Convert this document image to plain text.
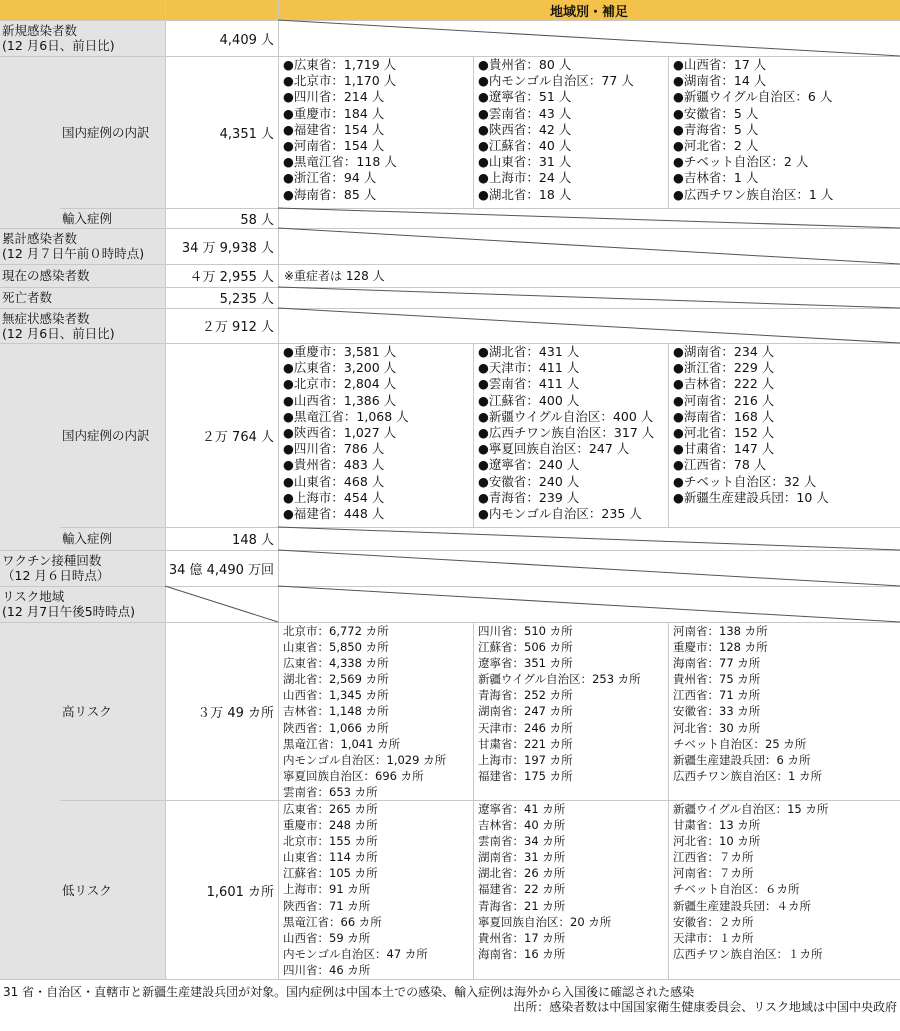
地域別・補足
新規感染者数
(12 月6日、前日比)
国内症例の内訳
輸入症例
累計感染者数
(12 月７日午前０時時点)
現在の感染者数
死亡者数
無症状感染者数
(12 月6日、前日比)
国内症例の内訳
輸入症例
ワクチン接種回数
（12 月６日時点）
リスク地域
(12 月7日午後5時時点)
高リスク
低リスク
4,409 人
4,351 人
58 人
34 万 9,938 人
４万 2,955 人
5,235 人
２万 912 人
２万 764 人
148 人
34 億 4,490 万回
３万 49 カ所
1,601 カ所
※重症者は 128 人
●広東省：1,719 人
●北京市：1,170 人
●四川省：214 人
●重慶市：184 人
●福建省：154 人
●河南省：154 人
●黒竜江省：118 人
●浙江省：94 人
●海南省：85 人
●貴州省：80 人
●内モンゴル自治区：77 人
●遼寧省：51 人
●雲南省：43 人
●陝西省：42 人
●江蘇省：40 人
●山東省：31 人
●上海市：24 人
●湖北省：18 人
●山西省：17 人
●湖南省：14 人
●新疆ウイグル自治区：6 人
●安徽省：5 人
●青海省：5 人
●河北省：2 人
●チベット自治区：2 人
●吉林省：1 人
●広西チワン族自治区：1 人
●重慶市：3,581 人
●広東省：3,200 人
●北京市：2,804 人
●山西省：1,386 人
●黒竜江省：1,068 人
●陝西省：1,027 人
●四川省：786 人
●貴州省：483 人
●山東省：468 人
●上海市：454 人
●福建省：448 人
●湖北省：431 人
●天津市：411 人
●雲南省：411 人
●江蘇省：400 人
●新疆ウイグル自治区：400 人
●広西チワン族自治区：317 人
●寧夏回族自治区：247 人
●遼寧省：240 人
●安徽省：240 人
●青海省：239 人
●内モンゴル自治区：235 人
●湖南省：234 人
●浙江省：229 人
●吉林省：222 人
●河南省：216 人
●海南省：168 人
●河北省：152 人
●甘粛省：147 人
●江西省：78 人
●チベット自治区：32 人
●新疆生産建設兵団：10 人
北京市：6,772 カ所
山東省：5,850 カ所
広東省：4,338 カ所
湖北省：2,569 カ所
山西省：1,345 カ所
吉林省：1,148 カ所
陝西省：1,066 カ所
黒竜江省：1,041 カ所
内モンゴル自治区：1,029 カ所
寧夏回族自治区：696 カ所
雲南省：653 カ所
四川省：510 カ所
江蘇省：506 カ所
遼寧省：351 カ所
新疆ウイグル自治区：253 カ所
青海省：252 カ所
湖南省：247 カ所
天津市：246 カ所
甘粛省：221 カ所
上海市：197 カ所
福建省：175 カ所
河南省：138 カ所
重慶市：128 カ所
海南省：77 カ所
貴州省：75 カ所
江西省：71 カ所
安徽省：33 カ所
河北省：30 カ所
チベット自治区：25 カ所
新疆生産建設兵団：6 カ所
広西チワン族自治区：1 カ所
広東省：265 カ所
重慶市：248 カ所
北京市：155 カ所
山東省：114 カ所
江蘇省：105 カ所
上海市：91 カ所
陝西省：71 カ所
黒竜江省：66 カ所
山西省：59 カ所
内モンゴル自治区：47 カ所
四川省：46 カ所
遼寧省：41 カ所
吉林省：40 カ所
雲南省：34 カ所
湖南省：31 カ所
湖北省：26 カ所
福建省：22 カ所
青海省：21 カ所
寧夏回族自治区：20 カ所
貴州省：17 カ所
海南省：16 カ所
新疆ウイグル自治区：15 カ所
甘粛省：13 カ所
河北省：10 カ所
江西省：７カ所
河南省：７カ所
チベット自治区：６カ所
新疆生産建設兵団：４カ所
安徽省：２カ所
天津市：１カ所
広西チワン族自治区：１カ所
31 省・自治区・直轄市と新疆生産建設兵団が対象。国内症例は中国本土での感染、輸入症例は海外から入国後に確認された感染
出所：感染者数は中国国家衛生健康委員会、リスク地域は中国中央政府
